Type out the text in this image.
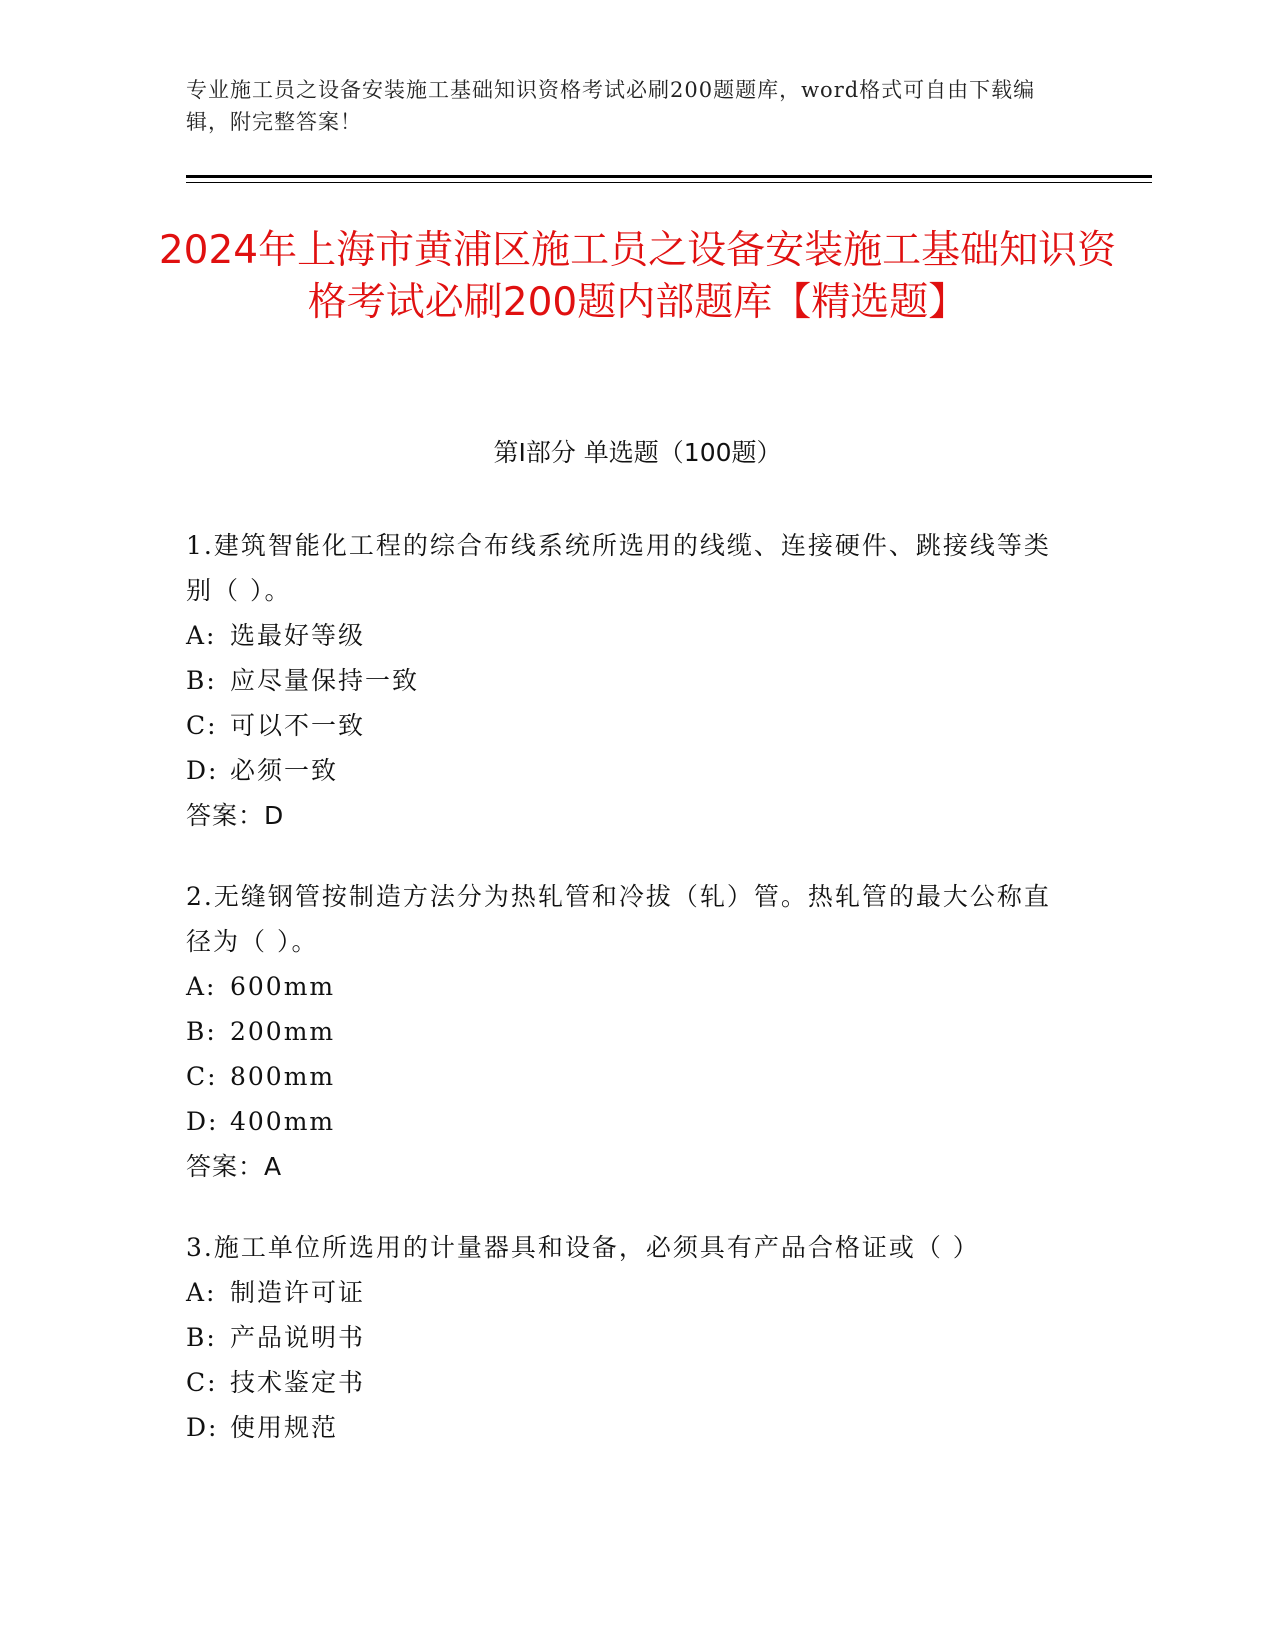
专业施工员之设备安装施工基础知识资格考试必刷200题题库，word格式可自由下载编辑，附完整答案！
2024年上海市黄浦区施工员之设备安装施工基础知识资格考试必刷200题内部题库【精选题】
第I部分 单选题（100题）

1.建筑智能化工程的综合布线系统所选用的线缆、连接硬件、跳接线等类别（ ）。

A: 选最好等级
B: 应尽量保持一致
C: 可以不一致
D: 必须一致
答案：D

2.无缝钢管按制造方法分为热轧管和冷拔（轧）管。热轧管的最大公称直径为（ ）。

A: 600mm
B: 200mm
C: 800mm
D: 400mm
答案：A

3.施工单位所选用的计量器具和设备，必须具有产品合格证或（ ）

A: 制造许可证
B: 产品说明书
C: 技术鉴定书
D: 使用规范
